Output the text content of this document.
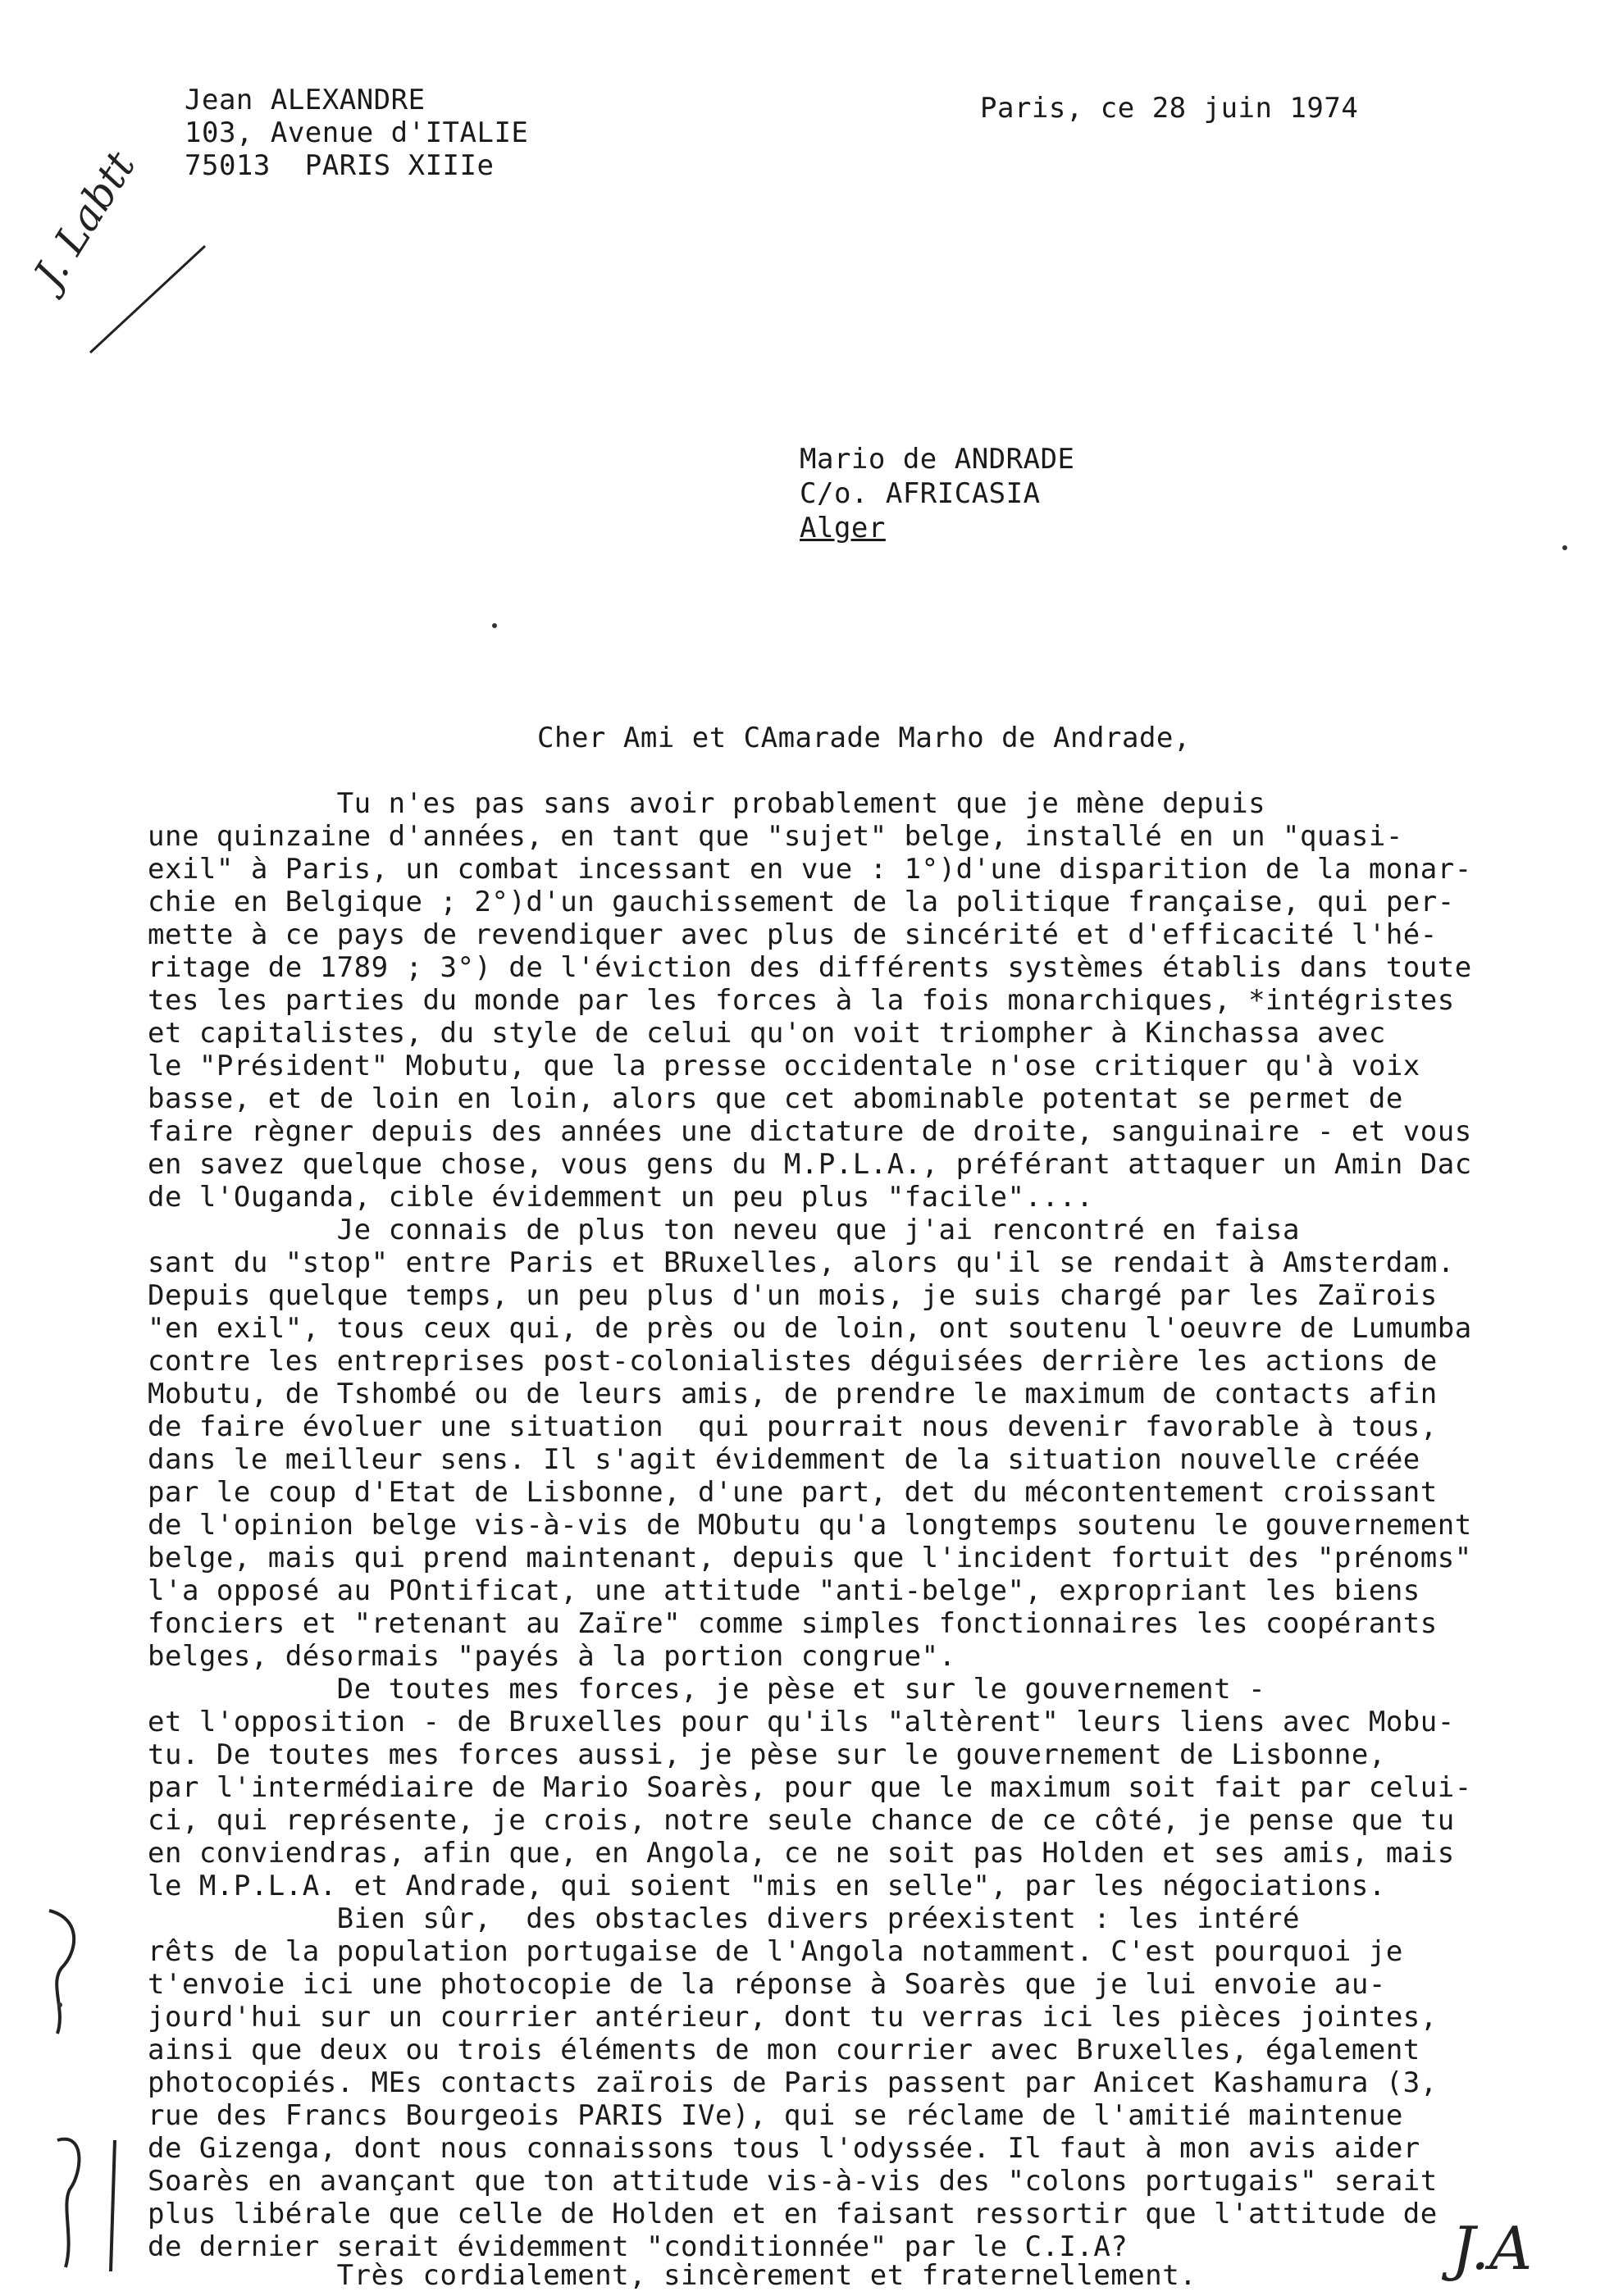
Jean ALEXANDRE
103, Avenue d'ITALIE
75013  PARIS XIIIe
Paris, ce 28 juin 1974
J. Labtt
Mario de ANDRADE
C/o. AFRICASIA
Alger
Cher Ami et CAmarade Marho de Andrade,
Tu n'es pas sans avoir probablement que je mène depuis
une quinzaine d'années, en tant que "sujet" belge, installé en un "quasi-
exil" à Paris, un combat incessant en vue : 1°)d'une disparition de la monar-
chie en Belgique ; 2°)d'un gauchissement de la politique française, qui per-
mette à ce pays de revendiquer avec plus de sincérité et d'efficacité l'hé-
ritage de 1789 ; 3°) de l'éviction des différents systèmes établis dans toute
tes les parties du monde par les forces à la fois monarchiques, *intégristes
et capitalistes, du style de celui qu'on voit triompher à Kinchassa avec
le "Président" Mobutu, que la presse occidentale n'ose critiquer qu'à voix
basse, et de loin en loin, alors que cet abominable potentat se permet de
faire règner depuis des années une dictature de droite, sanguinaire - et vous
en savez quelque chose, vous gens du M.P.L.A., préférant attaquer un Amin Dac
de l'Ouganda, cible évidemment un peu plus "facile"....
Je connais de plus ton neveu que j'ai rencontré en faisa
sant du "stop" entre Paris et BRuxelles, alors qu'il se rendait à Amsterdam.
Depuis quelque temps, un peu plus d'un mois, je suis chargé par les Zaïrois
"en exil", tous ceux qui, de près ou de loin, ont soutenu l'oeuvre de Lumumba
contre les entreprises post-colonialistes déguisées derrière les actions de
Mobutu, de Tshombé ou de leurs amis, de prendre le maximum de contacts afin
de faire évoluer une situation  qui pourrait nous devenir favorable à tous,
dans le meilleur sens. Il s'agit évidemment de la situation nouvelle créée
par le coup d'Etat de Lisbonne, d'une part, det du mécontentement croissant
de l'opinion belge vis-à-vis de MObutu qu'a longtemps soutenu le gouvernement
belge, mais qui prend maintenant, depuis que l'incident fortuit des "prénoms"
l'a opposé au POntificat, une attitude "anti-belge", expropriant les biens
fonciers et "retenant au Zaïre" comme simples fonctionnaires les coopérants
belges, désormais "payés à la portion congrue".
De toutes mes forces, je pèse et sur le gouvernement -
et l'opposition - de Bruxelles pour qu'ils "altèrent" leurs liens avec Mobu-
tu. De toutes mes forces aussi, je pèse sur le gouvernement de Lisbonne,
par l'intermédiaire de Mario Soarès, pour que le maximum soit fait par celui-
ci, qui représente, je crois, notre seule chance de ce côté, je pense que tu
en conviendras, afin que, en Angola, ce ne soit pas Holden et ses amis, mais
le M.P.L.A. et Andrade, qui soient "mis en selle", par les négociations.
Bien sûr,  des obstacles divers préexistent : les intéré
rêts de la population portugaise de l'Angola notamment. C'est pourquoi je
t'envoie ici une photocopie de la réponse à Soarès que je lui envoie au-
jourd'hui sur un courrier antérieur, dont tu verras ici les pièces jointes,
ainsi que deux ou trois éléments de mon courrier avec Bruxelles, également
photocopiés. MEs contacts zaïrois de Paris passent par Anicet Kashamura (3,
rue des Francs Bourgeois PARIS IVe), qui se réclame de l'amitié maintenue
de Gizenga, dont nous connaissons tous l'odyssée. Il faut à mon avis aider
Soarès en avançant que ton attitude vis-à-vis des "colons portugais" serait
plus libérale que celle de Holden et en faisant ressortir que l'attitude de
de dernier serait évidemment "conditionnée" par le C.I.A?
Très cordialement, sincèrement et fraternellement.	J.A
